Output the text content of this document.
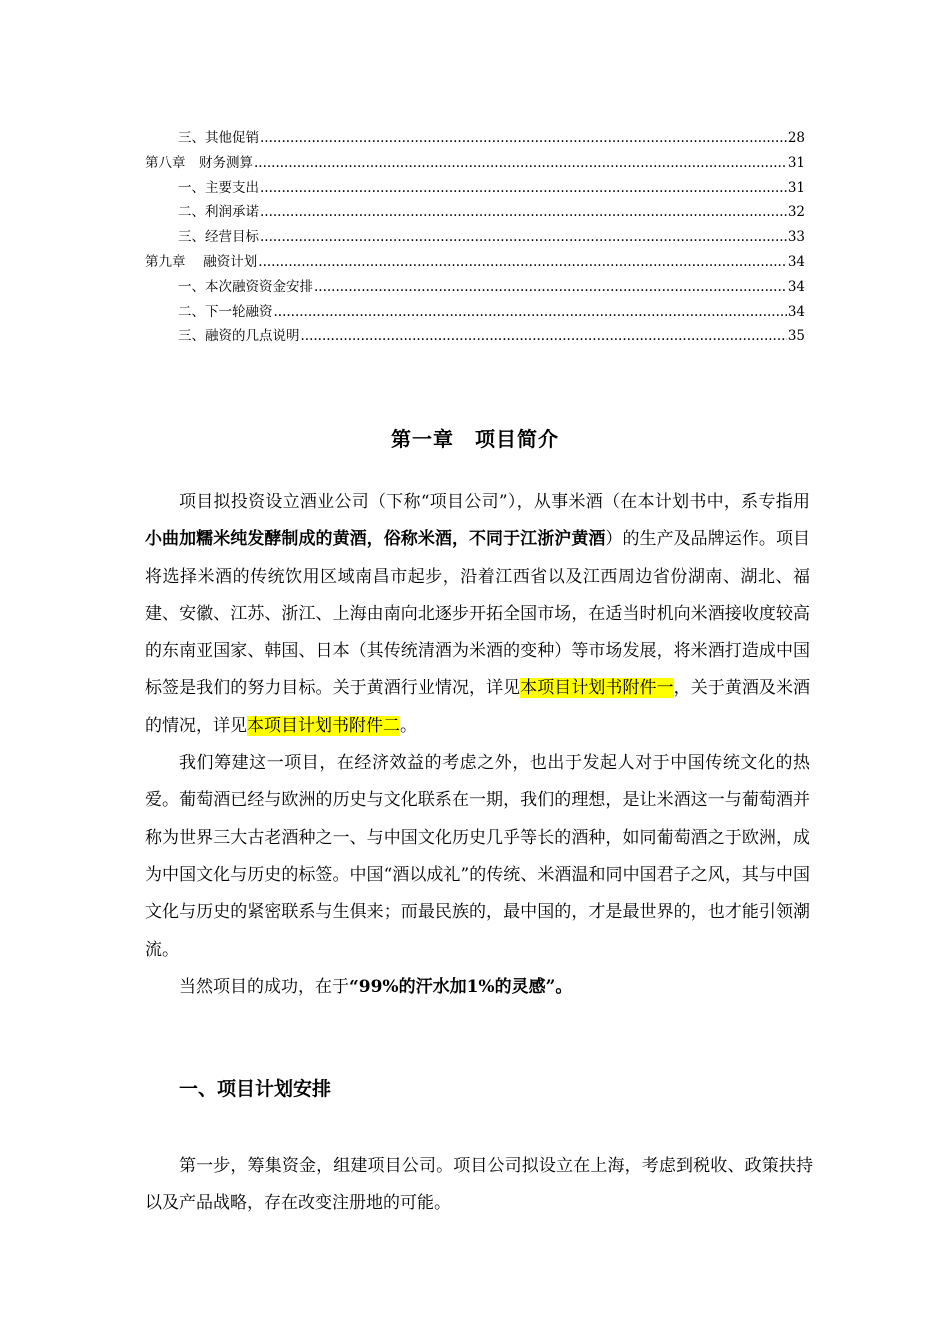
三、其他促销 .....	28
第八章　财务测算 .....	31
一、主要支出 .....	31
二、利润承诺 .....	32
三、经营目标 .....	33
第九章　 融资计划 .....	34
一、本次融资资金安排 .....	34
二、下一轮融资 .....	34
三、融资的几点说明 .....	35
第一章　项目简介

项目拟投资设立酒业公司（下称“项目公司”），从事米酒（在本计划书中，系专指用小曲加糯米纯发酵制成的黄酒，俗称米酒，不同于江浙沪黄酒）的生产及品牌运作。项目将选择米酒的传统饮用区域南昌市起步，沿着江西省以及江西周边省份湖南、湖北、福建、安徽、江苏、浙江、上海由南向北逐步开拓全国市场，在适当时机向米酒接收度较高的东南亚国家、韩国、日本（其传统清酒为米酒的变种）等市场发展，将米酒打造成中国标签是我们的努力目标。关于黄酒行业情况，详见本项目计划书附件一，关于黄酒及米酒的情况，详见本项目计划书附件二。

我们筹建这一项目，在经济效益的考虑之外，也出于发起人对于中国传统文化的热爱。葡萄酒已经与欧洲的历史与文化联系在一期，我们的理想，是让米酒这一与葡萄酒并称为世界三大古老酒种之一、与中国文化历史几乎等长的酒种，如同葡萄酒之于欧洲，成为中国文化与历史的标签。中国“酒以成礼”的传统、米酒温和同中国君子之风，其与中国文化与历史的紧密联系与生俱来；而最民族的，最中国的，才是最世界的，也才能引领潮流。

当然项目的成功，在于“99%的汗水加1%的灵感”。

一、项目计划安排

第一步，筹集资金，组建项目公司。项目公司拟设立在上海，考虑到税收、政策扶持以及产品战略，存在改变注册地的可能。
